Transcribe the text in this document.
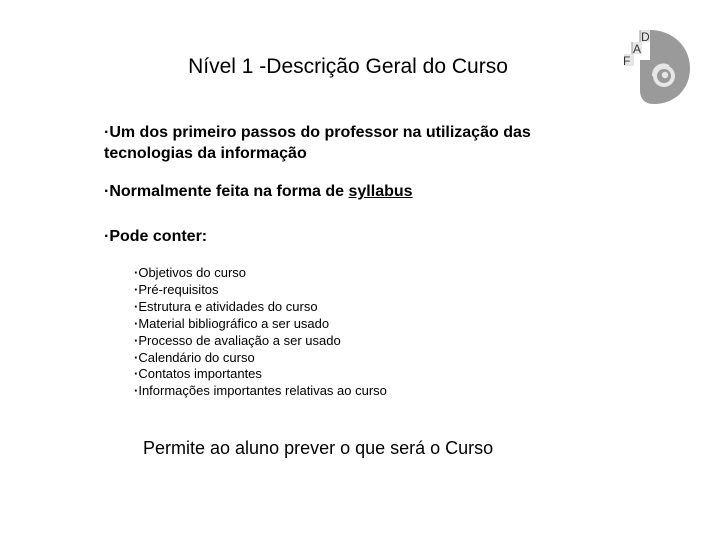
Nível 1 -Descrição Geral do Curso
D
A
F
·Um dos primeiro passos do professor na utilização das tecnologias da informação
·Normalmente feita na forma de syllabus
·Pode conter:
·Objetivos do curso
·Pré-requisitos
·Estrutura e atividades do curso
·Material bibliográfico a ser usado
·Processo de avaliação a ser usado
·Calendário do curso
·Contatos importantes
·Informações importantes relativas ao curso
Permite ao aluno prever o que será o Curso
